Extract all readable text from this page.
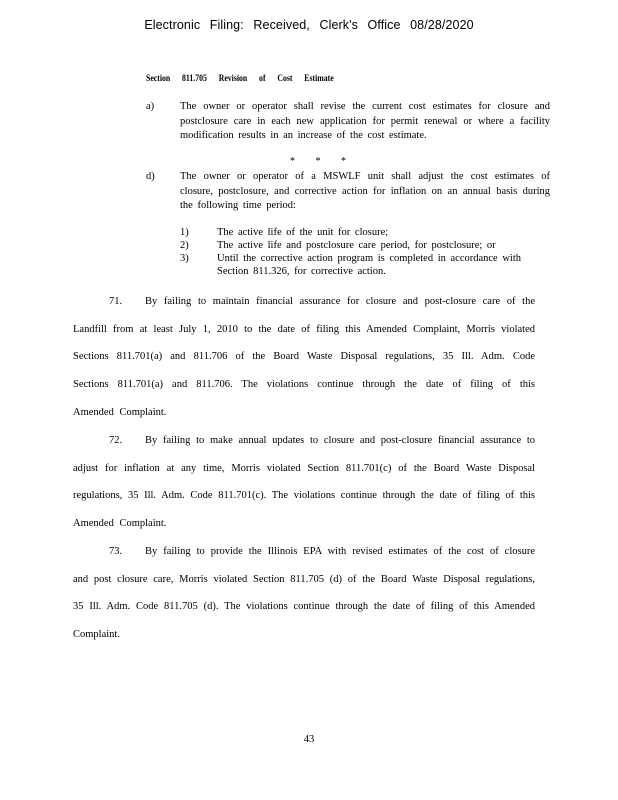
Electronic Filing: Received, Clerk's Office 08/28/2020
Section 811.705 Revision of Cost Estimate
a) The owner or operator shall revise the current cost estimates for closure and postclosure care in each new application for permit renewal or where a facility modification results in an increase of the cost estimate.
* * *
d) The owner or operator of a MSWLF unit shall adjust the cost estimates of closure, postclosure, and corrective action for inflation on an annual basis during the following time period:
1)	The active life of the unit for closure;
2)	The active life and postclosure care period, for postclosure; or
3)	Until the corrective action program is completed in accordance with Section 811.326, for corrective action.
71. By failing to maintain financial assurance for closure and post-closure care of the Landfill from at least July 1, 2010 to the date of filing this Amended Complaint, Morris violated Sections 811.701(a) and 811.706 of the Board Waste Disposal regulations, 35 Ill. Adm. Code Sections 811.701(a) and 811.706. The violations continue through the date of filing of this Amended Complaint.
72. By failing to make annual updates to closure and post-closure financial assurance to adjust for inflation at any time, Morris violated Section 811.701(c) of the Board Waste Disposal regulations, 35 Ill. Adm. Code 811.701(c). The violations continue through the date of filing of this Amended Complaint.
73. By failing to provide the Illinois EPA with revised estimates of the cost of closure and post closure care, Morris violated Section 811.705 (d) of the Board Waste Disposal regulations, 35 Ill. Adm. Code 811.705 (d). The violations continue through the date of filing of this Amended Complaint.
43
